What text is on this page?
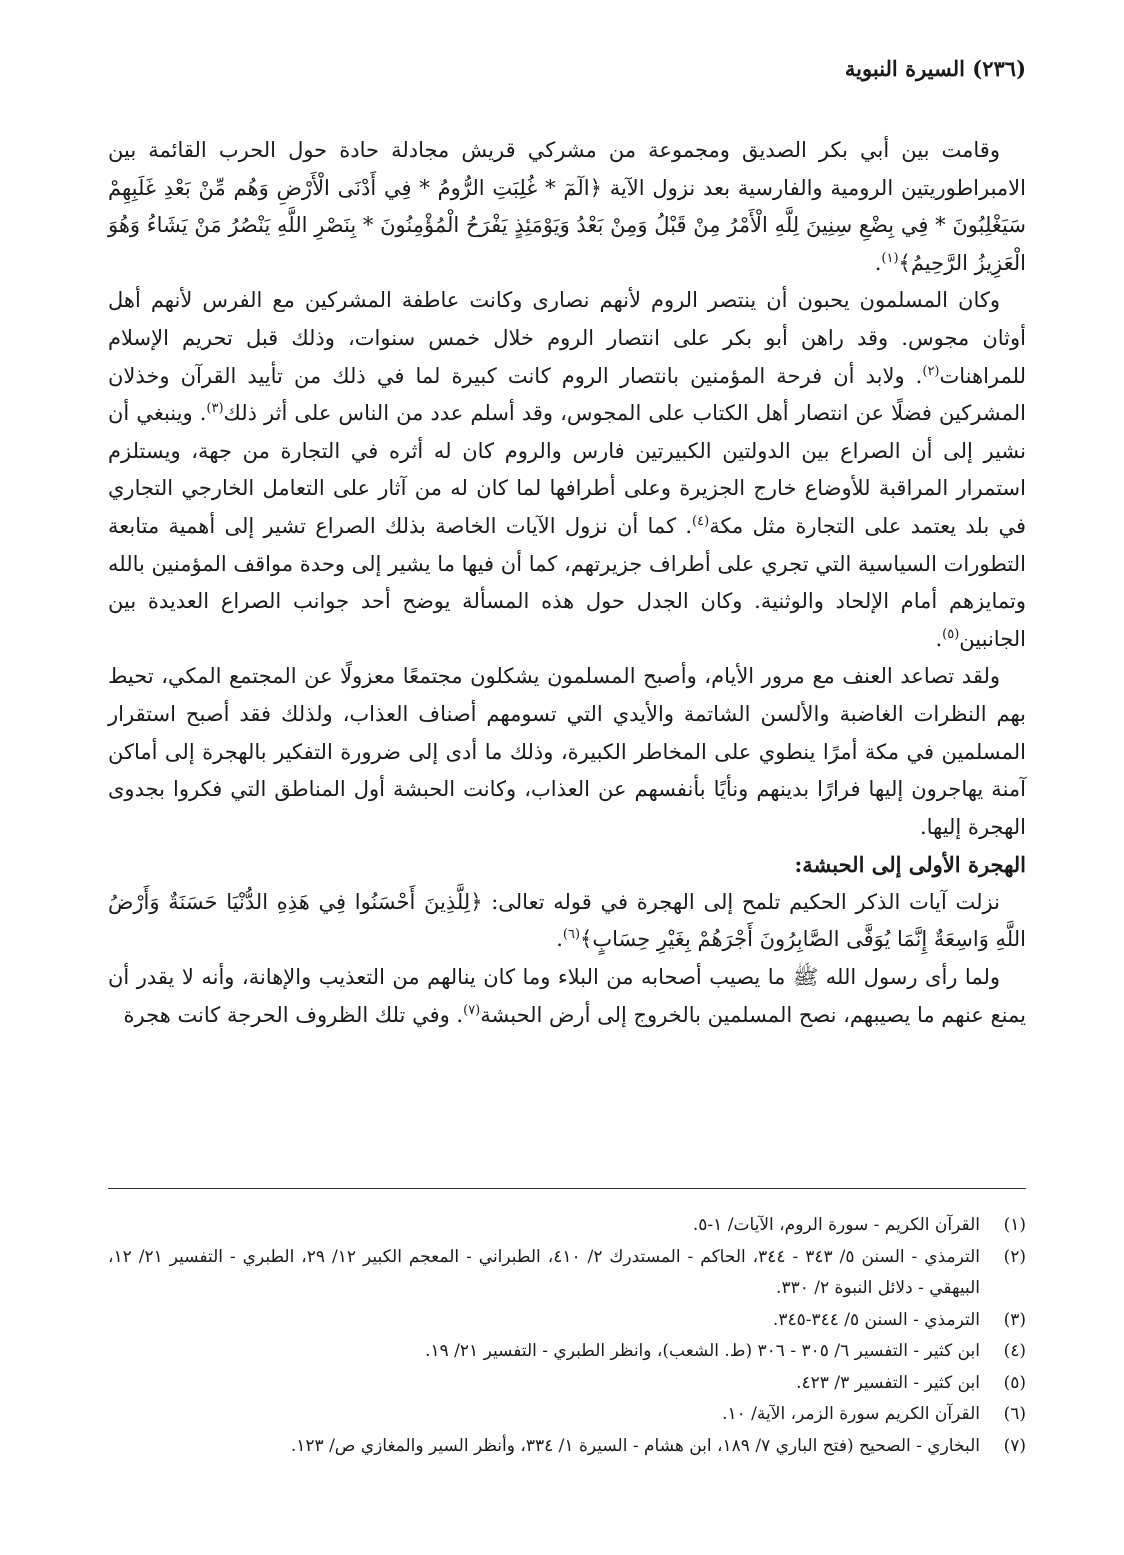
(٢٣٦) السيرة النبوية

وقامت بين أبي بكر الصديق ومجموعة من مشركي قريش مجادلة حادة حول الحرب القائمة بين الامبراطوريتين الرومية والفارسية بعد نزول الآية ﴿الٓمٓ * غُلِبَتِ الرُّومُ * فِي أَدْنَى الْأَرْضِ وَهُم مِّنْ بَعْدِ غَلَبِهِمْ سَيَغْلِبُونَ * فِي بِضْعِ سِنِينَ لِلَّهِ الْأَمْرُ مِنْ قَبْلُ وَمِنْ بَعْدُ وَيَوْمَئِذٍ يَفْرَحُ الْمُؤْمِنُونَ * بِنَصْرِ اللَّهِ يَنْصُرُ مَنْ يَشَاءُ وَهُوَ الْعَزِيزُ الرَّحِيمُ﴾$^{(١)}$.

وكان المسلمون يحبون أن ينتصر الروم لأنهم نصارى وكانت عاطفة المشركين مع الفرس لأنهم أهل أوثان مجوس. وقد راهن أبو بكر على انتصار الروم خلال خمس سنوات، وذلك قبل تحريم الإسلام للمراهنات$^{(٢)}$. ولابد أن فرحة المؤمنين بانتصار الروم كانت كبيرة لما في ذلك من تأييد القرآن وخذلان المشركين فضلًا عن انتصار أهل الكتاب على المجوس، وقد أسلم عدد من الناس على أثر ذلك$^{(٣)}$. وينبغي أن نشير إلى أن الصراع بين الدولتين الكبيرتين فارس والروم كان له أثره في التجارة من جهة، ويستلزم استمرار المراقبة للأوضاع خارج الجزيرة وعلى أطرافها لما كان له من آثار على التعامل الخارجي التجاري في بلد يعتمد على التجارة مثل مكة$^{(٤)}$. كما أن نزول الآيات الخاصة بذلك الصراع تشير إلى أهمية متابعة التطورات السياسية التي تجري على أطراف جزيرتهم، كما أن فيها ما يشير إلى وحدة مواقف المؤمنين بالله وتمايزهم أمام الإلحاد والوثنية. وكان الجدل حول هذه المسألة يوضح أحد جوانب الصراع العديدة بين الجانبين$^{(٥)}$.

ولقد تصاعد العنف مع مرور الأيام، وأصبح المسلمون يشكلون مجتمعًا معزولًا عن المجتمع المكي، تحيط بهم النظرات الغاضبة والألسن الشاتمة والأيدي التي تسومهم أصناف العذاب، ولذلك فقد أصبح استقرار المسلمين في مكة أمرًا ينطوي على المخاطر الكبيرة، وذلك ما أدى إلى ضرورة التفكير بالهجرة إلى أماكن آمنة يهاجرون إليها فرارًا بدينهم ونأيًا بأنفسهم عن العذاب، وكانت الحبشة أول المناطق التي فكروا بجدوى الهجرة إليها.

الهجرة الأولى إلى الحبشة:

نزلت آيات الذكر الحكيم تلمح إلى الهجرة في قوله تعالى: ﴿لِلَّذِينَ أَحْسَنُوا فِي هَذِهِ الدُّنْيَا حَسَنَةٌ وَأَرْضُ اللَّهِ وَاسِعَةٌ إِنَّمَا يُوَفَّى الصَّابِرُونَ أَجْرَهُمْ بِغَيْرِ حِسَابٍ﴾$^{(٦)}$.

ولما رأى رسول الله ﷺ ما يصيب أصحابه من البلاء وما كان ينالهم من التعذيب والإهانة، وأنه لا يقدر أن يمنع عنهم ما يصيبهم، نصح المسلمين بالخروج إلى أرض الحبشة$^{(٧)}$. وفي تلك الظروف الحرجة كانت هجرة

(١)
القرآن الكريم - سورة الروم، الآيات/ ١-٥.
(٢)
الترمذي - السنن ٥/ ٣٤٣ - ٣٤٤، الحاكم - المستدرك ٢/ ٤١٠، الطبراني - المعجم الكبير ١٢/ ٢٩، الطبري - التفسير ٢١/ ١٢، البيهقي - دلائل النبوة ٢/ ٣٣٠.
(٣)
الترمذي - السنن ٥/ ٣٤٤-٣٤٥.
(٤)
ابن كثير - التفسير ٦/ ٣٠٥ - ٣٠٦ (ط. الشعب)، وانظر الطبري - التفسير ٢١/ ١٩.
(٥)
ابن كثير - التفسير ٣/ ٤٢٣.
(٦)
القرآن الكريم سورة الزمر، الآية/ ١٠.
(٧)
البخاري - الصحيح (فتح الباري ٧/ ١٨٩، ابن هشام - السيرة ١/ ٣٣٤، وأنظر السير والمغازي ص/ ١٢٣.
